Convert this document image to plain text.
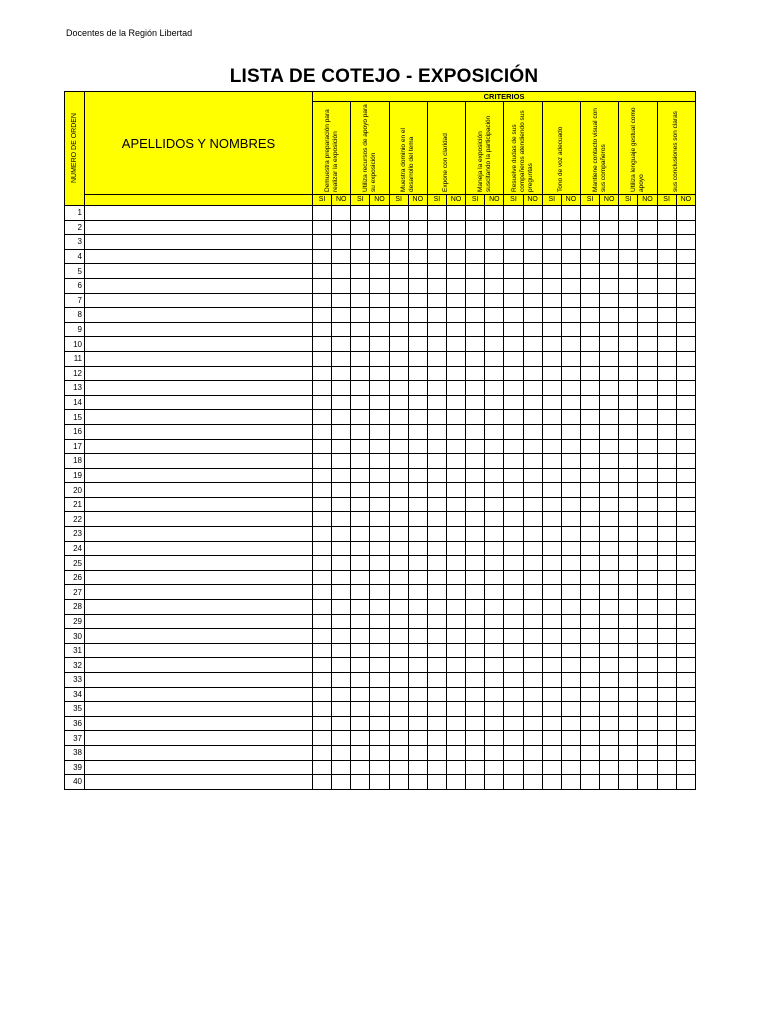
Docentes de la Región Libertad
LISTA DE COTEJO - EXPOSICIÓN
NUMERO DE ORDEN	APELLIDOS Y NOMBRES	CRITERIOS																			

		Demuestra preparación para realizar la exposición		Utiliza recursos de apoyo para su exposición		Muestra dominio en el desarrollo del tema		Expone con claridad		Maneja la exposición suscitando la participación		Resuelve dudas de sus compañeros atendiendo sus preguntas		Tono de voz adecuado		Mantiene contacto visual con sus compañeros		Utiliza lenguaje gestual como apoyo		sus conclusiones son claras	

		SI	NO	SI	NO	SI	NO	SI	NO	SI	NO	SI	NO	SI	NO	SI	NO	SI	NO	SI	NO
1																					
2																					
3																					
4																					
5																					
6																					
7																					
8																					
9																					
10																					
11																					
12																					
13																					
14																					
15																					
16																					
17																					
18																					
19																					
20																					
21																					
22																					
23																					
24																					
25																					
26																					
27																					
28																					
29																					
30																					
31																					
32																					
33																					
34																					
35																					
36																					
37																					
38																					
39																					
40																					
